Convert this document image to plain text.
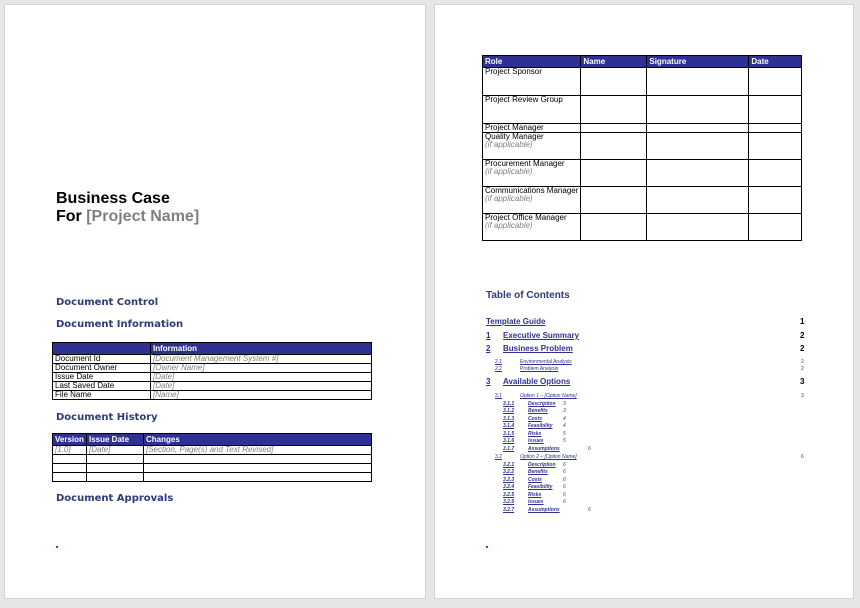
Business Case
For [Project Name]
Document Control
Document Information
	Information
Document Id	[Document Management System #]
Document Owner	[Owner Name]
Issue Date	[Date]
Last Saved Date	[Date]
File Name	[Name]
Document History
Version	Issue Date	Changes
[1.0]	[Date]	[Section, Page(s) and Text Revised]

Document Approvals
Role	Name	Signature	Date

Project Sponsor			

Project Review Group			

Project Manager			

Quality Manager
(if applicable)			

Procurement Manager
(if applicable)			

Communications Manager
(if applicable)			

Project Office Manager
(if applicable)			

Table of Contents
Template Guide	1
1 Executive Summary	2
2 Business Problem	2
2.1	Environmental Analysis	2
2.2	Problem Analysis	2
3 Available Options	3
3.1	Option 1 – [Option Name]	3
3.1.1	Description 3
3.1.2	Benefits	3
3.1.3	Costs	4
3.1.4	Feasibility 4
3.1.5	Risks	5
3.1.6	Issues	5
3.1.7	Assumptions	6
3.2	Option 2 – [Option Name]	6
3.2.1	Description 6
3.2.2	Benefits	6
3.2.3	Costs	6
3.2.4	Feasibility 6
3.2.5	Risks	6
3.2.6	Issues	6
3.2.7	Assumptions	6
